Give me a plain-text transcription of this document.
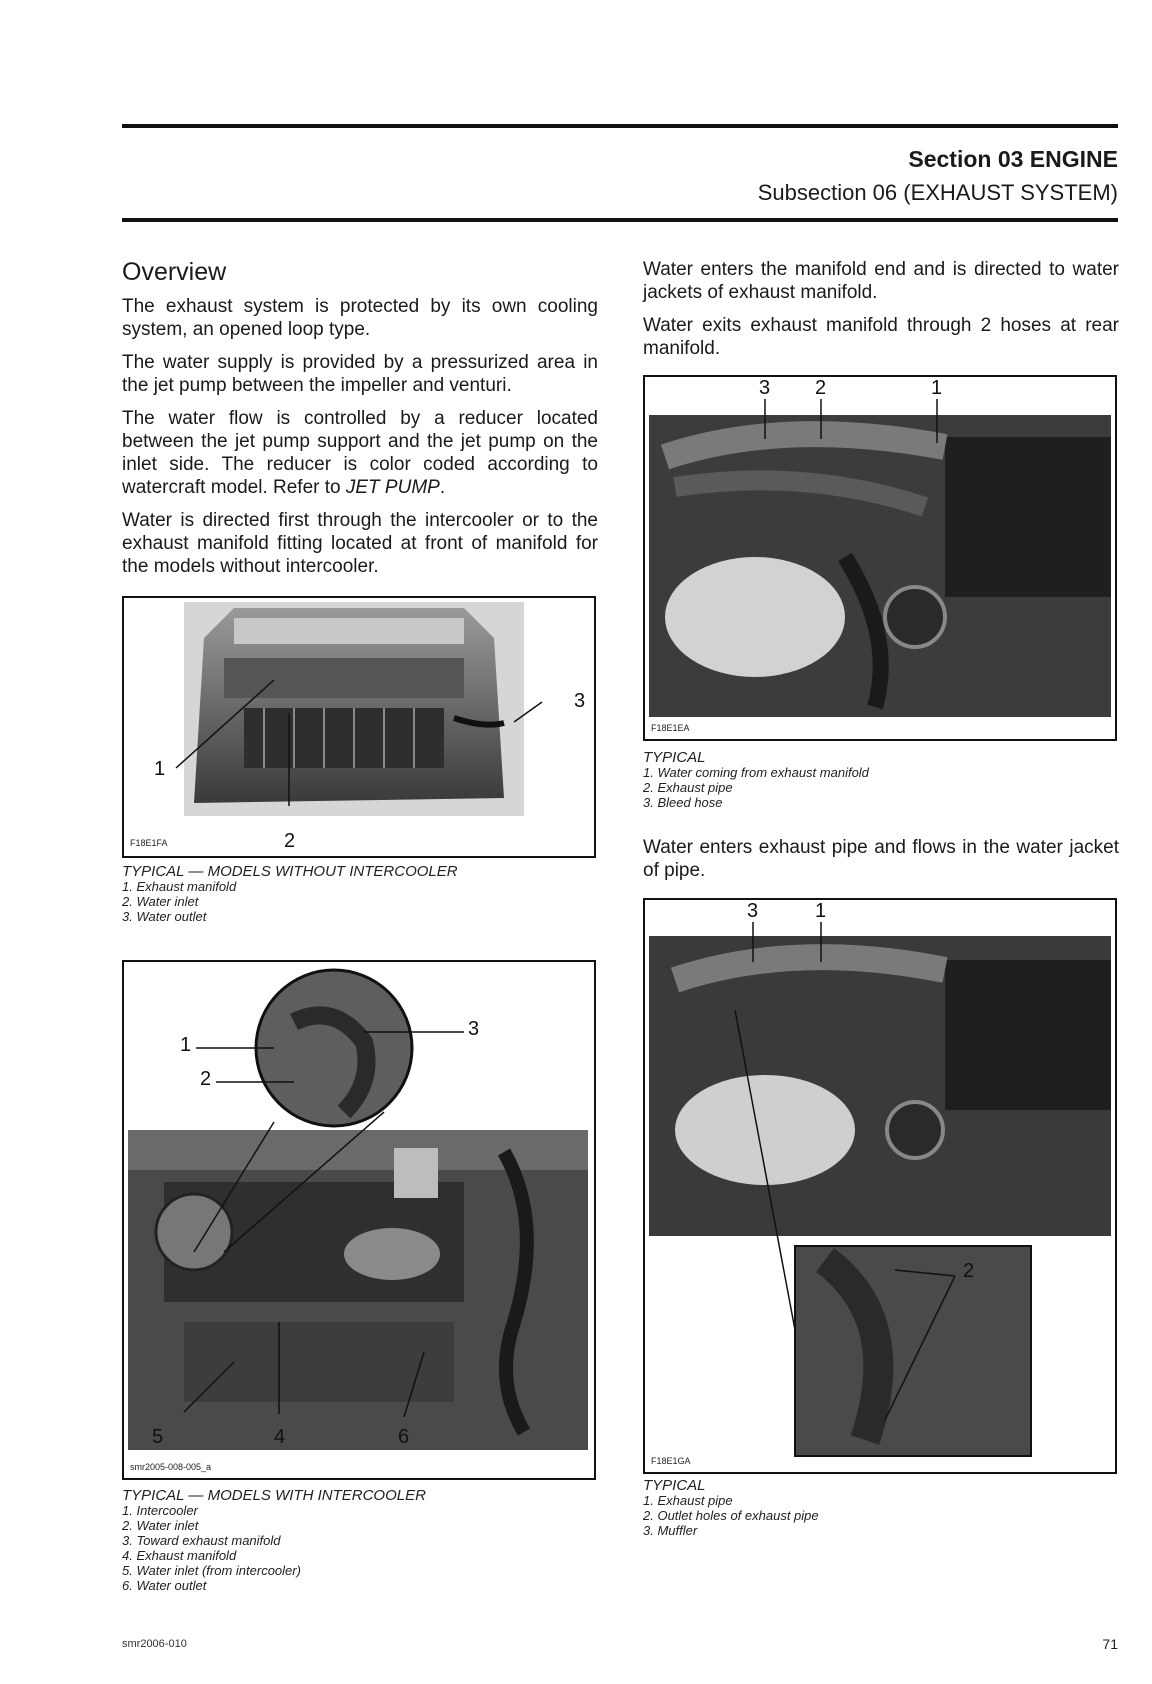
Section 03 ENGINE
Subsection 06 (EXHAUST SYSTEM)
Overview

The exhaust system is protected by its own cooling system, an opened loop type.

The water supply is provided by a pressurized area in the jet pump between the impeller and venturi.

The water flow is controlled by a reducer located between the jet pump support and the jet pump on the inlet side. The reducer is color coded according to watercraft model. Refer to JET PUMP.

Water is directed first through the intercooler or to the exhaust manifold fitting located at front of manifold for the models without intercooler.

1
2
3
F18E1FA
TYPICAL — MODELS WITHOUT INTERCOOLER
1. Exhaust manifold
2. Water inlet
3. Water outlet
1
2
3
4
5	6
smr2005-008-005_a
TYPICAL — MODELS WITH INTERCOOLER
1. Intercooler
2. Water inlet
3. Toward exhaust manifold
4. Exhaust manifold
5. Water inlet (from intercooler)
6. Water outlet

Water enters the manifold end and is directed to water jackets of exhaust manifold.

Water exits exhaust manifold through 2 hoses at rear manifold.

3 2	1
F18E1EA
TYPICAL
1. Water coming from exhaust manifold
2. Exhaust pipe
3. Bleed hose

Water enters exhaust pipe and flows in the water jacket of pipe.

3	1
2
F18E1GA
TYPICAL
1. Exhaust pipe
2. Outlet holes of exhaust pipe
3. Muffler
smr2006-010	71
